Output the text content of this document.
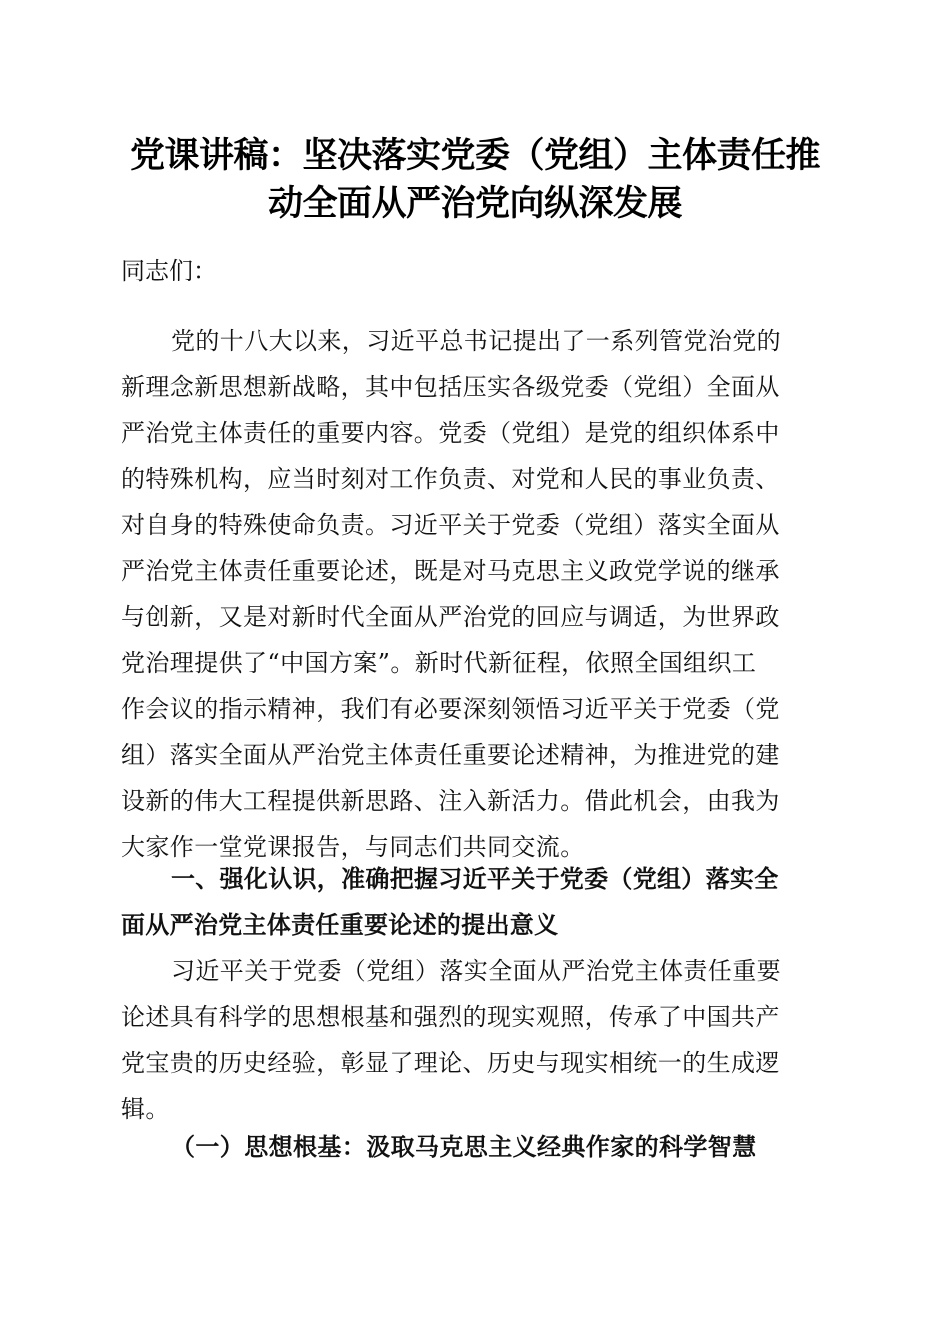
党课讲稿：坚决落实党委（党组）主体责任推
动全面从严治党向纵深发展

同志们：

党的十八大以来，习近平总书记提出了一系列管党治党的
新理念新思想新战略，其中包括压实各级党委（党组）全面从
严治党主体责任的重要内容。党委（党组）是党的组织体系中
的特殊机构，应当时刻对工作负责、对党和人民的事业负责、
对自身的特殊使命负责。习近平关于党委（党组）落实全面从
严治党主体责任重要论述，既是对马克思主义政党学说的继承
与创新，又是对新时代全面从严治党的回应与调适，为世界政
党治理提供了“中国方案”。新时代新征程，依照全国组织工
作会议的指示精神，我们有必要深刻领悟习近平关于党委（党
组）落实全面从严治党主体责任重要论述精神，为推进党的建
设新的伟大工程提供新思路、注入新活力。借此机会，由我为
大家作一堂党课报告，与同志们共同交流。
一、强化认识，准确把握习近平关于党委（党组）落实全
面从严治党主体责任重要论述的提出意义
习近平关于党委（党组）落实全面从严治党主体责任重要
论述具有科学的思想根基和强烈的现实观照，传承了中国共产
党宝贵的历史经验，彰显了理论、历史与现实相统一的生成逻
辑。

（一）思想根基：汲取马克思主义经典作家的科学智慧
